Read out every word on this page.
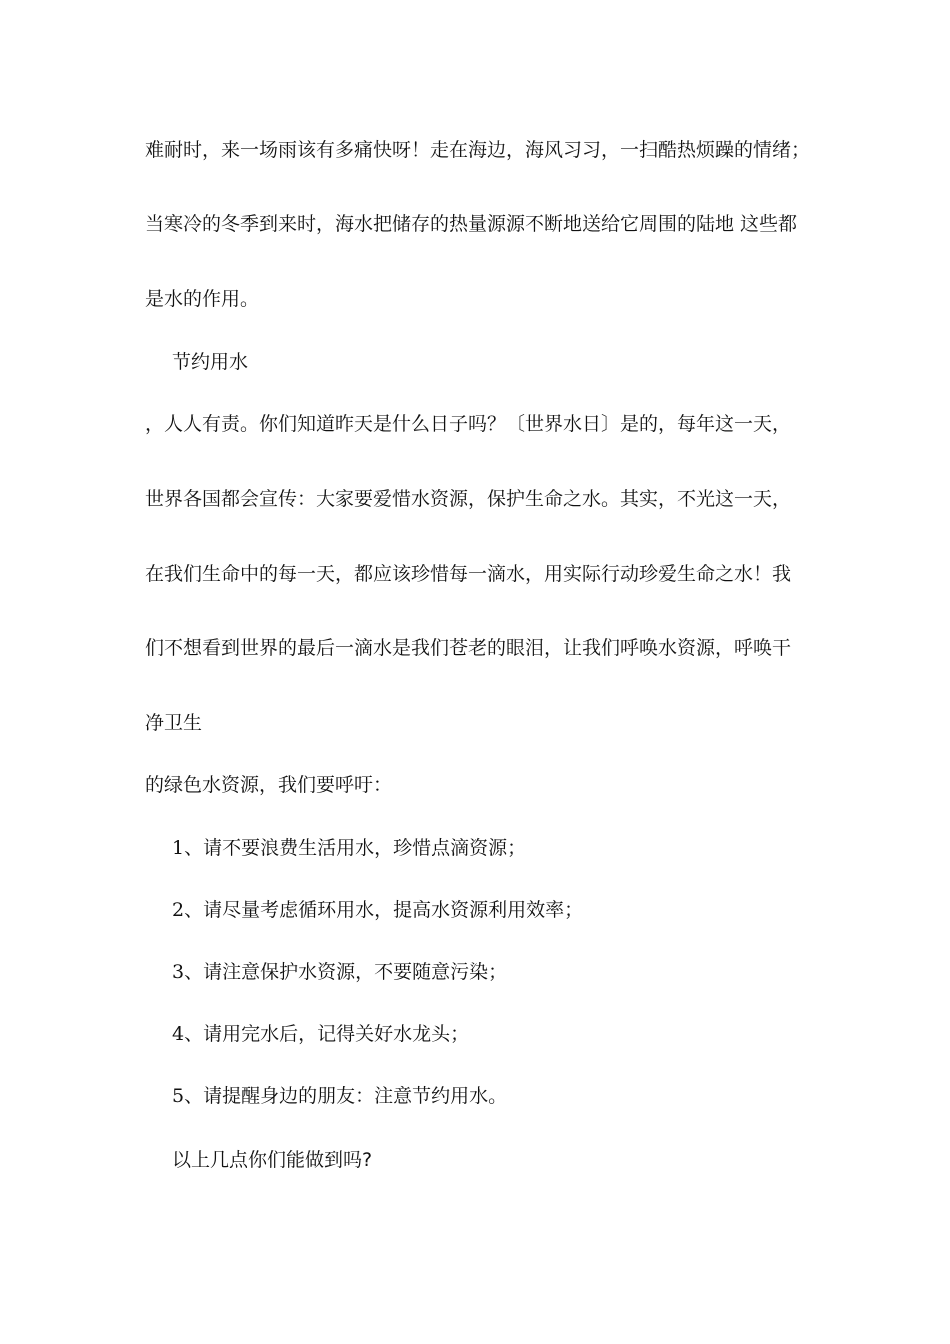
难耐时，来一场雨该有多痛快呀！走在海边，海风习习，一扫酷热烦躁的情绪；
当寒冷的冬季到来时，海水把储存的热量源源不断地送给它周围的陆地 这些都
是水的作用。
节约用水
，人人有责。你们知道昨天是什么日子吗？〔世界水日〕是的，每年这一天，
世界各国都会宣传：大家要爱惜水资源，保护生命之水。其实，不光这一天，
在我们生命中的每一天，都应该珍惜每一滴水，用实际行动珍爱生命之水！我
们不想看到世界的最后一滴水是我们苍老的眼泪，让我们呼唤水资源，呼唤干
净卫生
的绿色水资源，我们要呼吁：
1、请不要浪费生活用水，珍惜点滴资源；
2、请尽量考虑循环用水，提高水资源利用效率；
3、请注意保护水资源，不要随意污染；
4、请用完水后，记得关好水龙头；
5、请提醒身边的朋友：注意节约用水。
以上几点你们能做到吗?
